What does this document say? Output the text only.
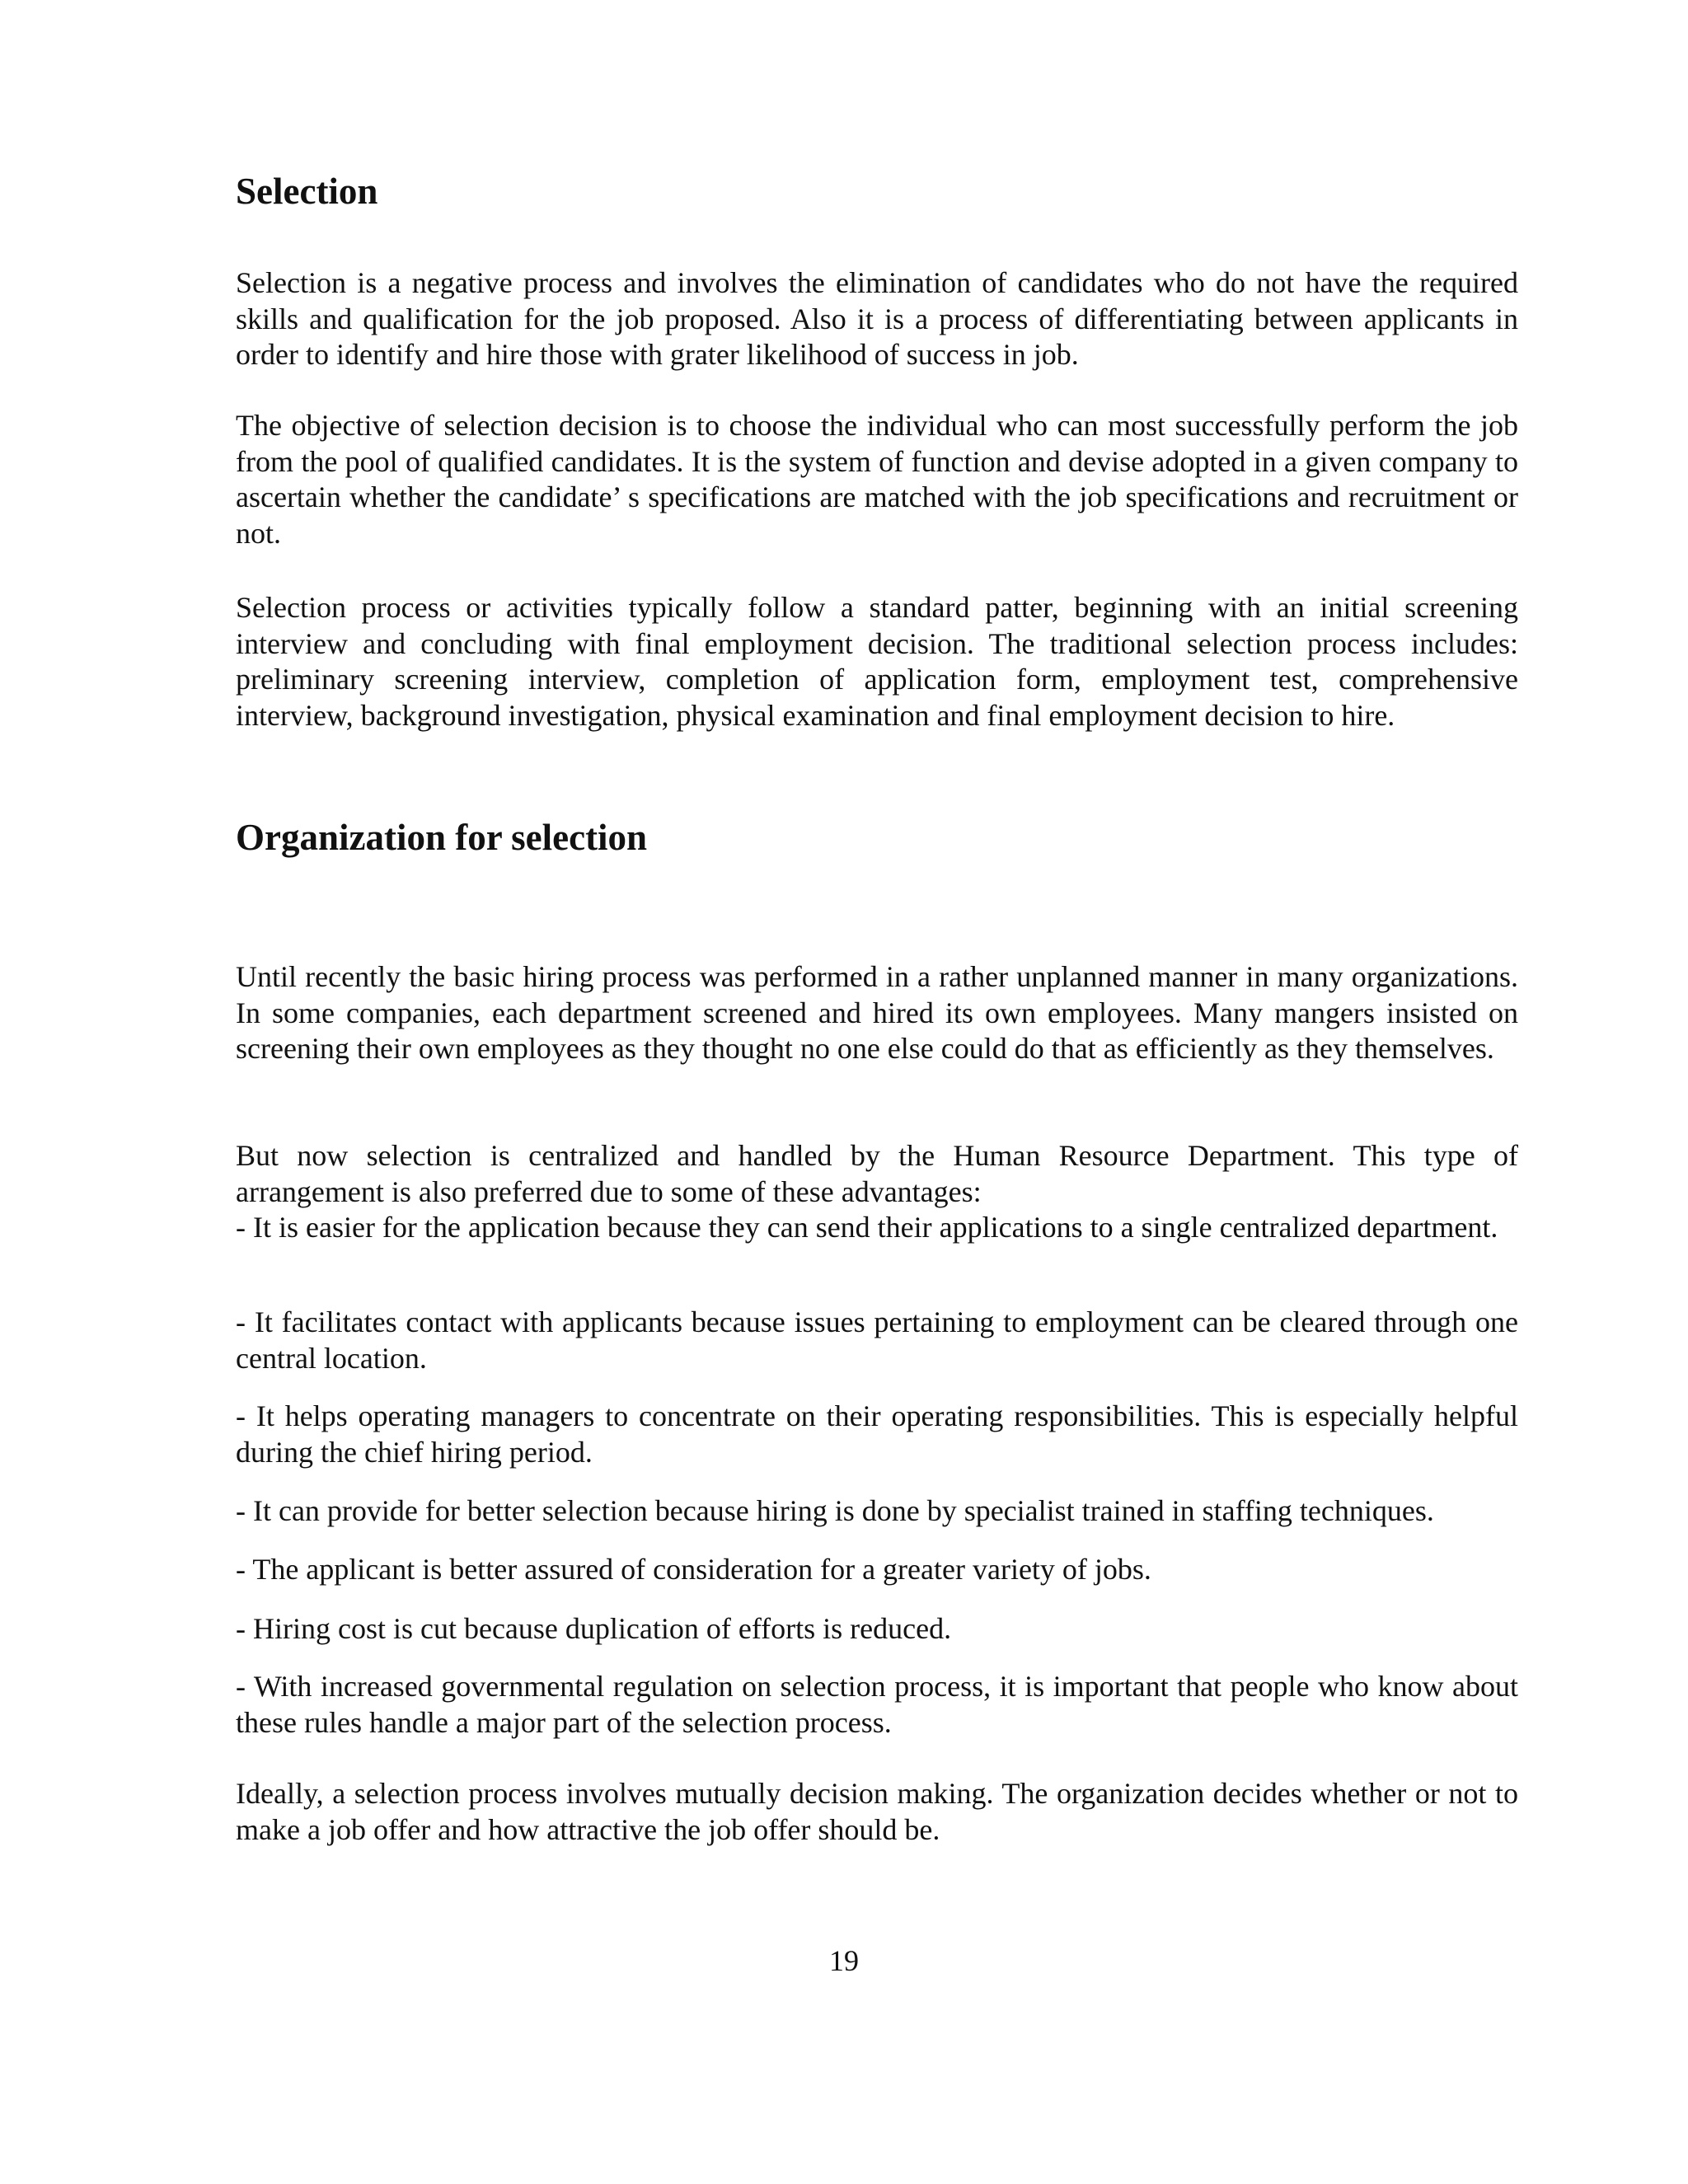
Selection

Selection is a negative process and involves the elimination of candidates who do not have the required skills and qualification for the job proposed. Also it is a process of differentiating between applicants in order to identify and hire those with grater likelihood of success in job.

The objective of selection decision is to choose the individual who can most successfully perform the job from the pool of qualified candidates. It is the system of function and devise adopted in a given company to ascertain whether the candidate’ s specifications are matched with the job specifications and recruitment or not.

Selection process or activities typically follow a standard patter, beginning with an initial screening interview and concluding with final employment decision. The traditional selection process includes: preliminary screening interview, completion of application form, employment test, comprehensive interview, background investigation, physical examination and final employment decision to hire.

Organization for selection

Until recently the basic hiring process was performed in a rather unplanned manner in many organizations. In some companies, each department screened and hired its own employees. Many mangers insisted on screening their own employees as they thought no one else could do that as efficiently as they themselves.

But now selection is centralized and handled by the Human Resource Department. This type of arrangement is also preferred due to some of these advantages:

- It is easier for the application because they can send their applications to a single centralized department.

- It facilitates contact with applicants because issues pertaining to employment can be cleared through one central location.

- It helps operating managers to concentrate on their operating responsibilities. This is especially helpful during the chief hiring period.

- It can provide for better selection because hiring is done by specialist trained in staffing techniques.

- The applicant is better assured of consideration for a greater variety of jobs.

- Hiring cost is cut because duplication of efforts is reduced.

- With increased governmental regulation on selection process, it is important that people who know about these rules handle a major part of the selection process.

Ideally, a selection process involves mutually decision making. The organization decides whether or not to make a job offer and how attractive the job offer should be.

19
